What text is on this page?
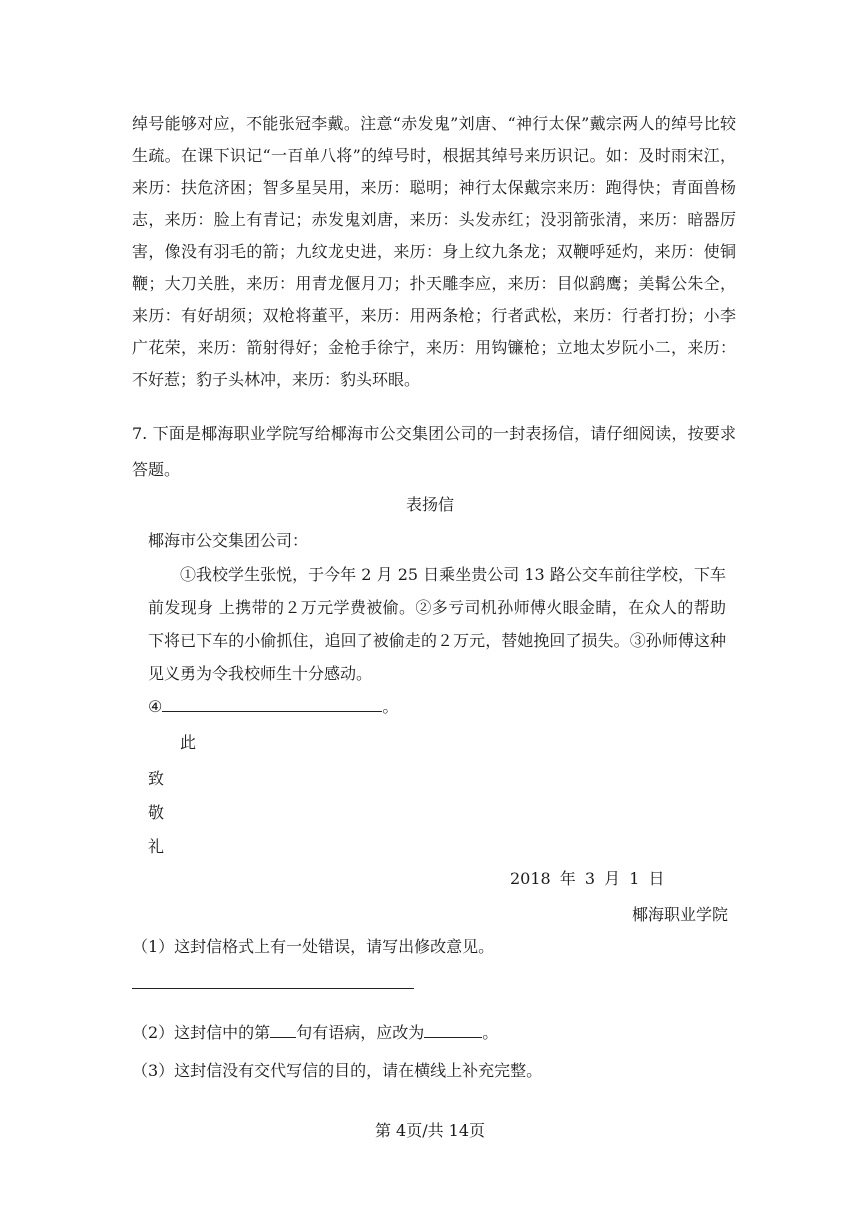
绰号能够对应，不能张冠李戴。注意“赤发鬼”刘唐、“神行太保”戴宗两人的绰号比较生疏。在课下识记“一百单八将”的绰号时，根据其绰号来历识记。如：及时雨宋江，来历：扶危济困；智多星吴用，来历：聪明；神行太保戴宗来历：跑得快；青面兽杨志，来历：脸上有青记；赤发鬼刘唐，来历：头发赤红；没羽箭张清，来历：暗器厉害，像没有羽毛的箭；九纹龙史进，来历：身上纹九条龙；双鞭呼延灼，来历：使铜鞭；大刀关胜，来历：用青龙偃月刀；扑天雕李应，来历：目似鹞鹰；美髯公朱仝，来历：有好胡须；双枪将董平，来历：用两条枪；行者武松，来历：行者打扮；小李广花荣，来历：箭射得好；金枪手徐宁，来历：用钩镰枪；立地太岁阮小二，来历：不好惹；豹子头林冲，来历：豹头环眼。

7. 下面是椰海职业学院写给椰海市公交集团公司的一封表扬信，请仔细阅读，按要求答题。

表扬信
椰海市公交集团公司：

①我校学生张悦，于今年 2 月 25 日乘坐贵公司 13 路公交车前往学校，下车前发现身 上携带的２万元学费被偷。②多亏司机孙师傅火眼金睛，在众人的帮助下将已下车的小偷抓住，追回了被偷走的２万元，替她挽回了损失。③孙师傅这种见义勇为令我校师生十分感动。

④	。
此
致
敬
礼
2018 年 3 月 1 日
椰海职业学院
（1）这封信格式上有一处错误，请写出修改意见。
（2）这封信中的第 句有语病，应改为	。
（3）这封信没有交代写信的目的，请在横线上补充完整。
第 4页/共 14页
